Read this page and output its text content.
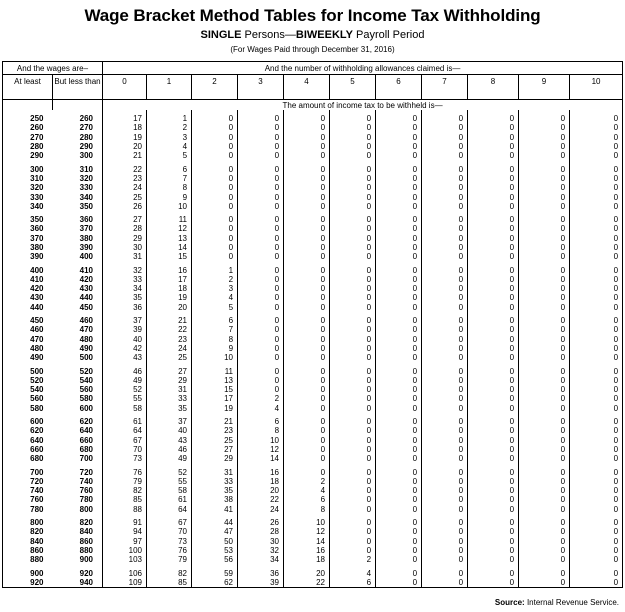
Wage Bracket Method Tables for Income Tax Withholding
SINGLE Persons—BIWEEKLY Payroll Period
(For Wages Paid through December 31, 2016)
And the wages are–		And the number of withholding allowances claimed is—										
At least	But less than	0	1	2	3	4	5	6	7	8	9	10
		The amount of income tax to be withheld is—										
250	260	17	1	0	0	0	0	0	0	0	0	0
260	270	18	2	0	0	0	0	0	0	0	0	0
270	280	19	3	0	0	0	0	0	0	0	0	0
280	290	20	4	0	0	0	0	0	0	0	0	0
290	300	21	5	0	0	0	0	0	0	0	0	0
300	310	22	6	0	0	0	0	0	0	0	0	0
310	320	23	7	0	0	0	0	0	0	0	0	0
320	330	24	8	0	0	0	0	0	0	0	0	0
330	340	25	9	0	0	0	0	0	0	0	0	0
340	350	26	10	0	0	0	0	0	0	0	0	0
350	360	27	11	0	0	0	0	0	0	0	0	0
360	370	28	12	0	0	0	0	0	0	0	0	0
370	380	29	13	0	0	0	0	0	0	0	0	0
380	390	30	14	0	0	0	0	0	0	0	0	0
390	400	31	15	0	0	0	0	0	0	0	0	0
400	410	32	16	1	0	0	0	0	0	0	0	0
410	420	33	17	2	0	0	0	0	0	0	0	0
420	430	34	18	3	0	0	0	0	0	0	0	0
430	440	35	19	4	0	0	0	0	0	0	0	0
440	450	36	20	5	0	0	0	0	0	0	0	0
450	460	37	21	6	0	0	0	0	0	0	0	0
460	470	39	22	7	0	0	0	0	0	0	0	0
470	480	40	23	8	0	0	0	0	0	0	0	0
480	490	42	24	9	0	0	0	0	0	0	0	0
490	500	43	25	10	0	0	0	0	0	0	0	0
500	520	46	27	11	0	0	0	0	0	0	0	0
520	540	49	29	13	0	0	0	0	0	0	0	0
540	560	52	31	15	0	0	0	0	0	0	0	0
560	580	55	33	17	2	0	0	0	0	0	0	0
580	600	58	35	19	4	0	0	0	0	0	0	0
600	620	61	37	21	6	0	0	0	0	0	0	0
620	640	64	40	23	8	0	0	0	0	0	0	0
640	660	67	43	25	10	0	0	0	0	0	0	0
660	680	70	46	27	12	0	0	0	0	0	0	0
680	700	73	49	29	14	0	0	0	0	0	0	0
700	720	76	52	31	16	0	0	0	0	0	0	0
720	740	79	55	33	18	2	0	0	0	0	0	0
740	760	82	58	35	20	4	0	0	0	0	0	0
760	780	85	61	38	22	6	0	0	0	0	0	0
780	800	88	64	41	24	8	0	0	0	0	0	0
800	820	91	67	44	26	10	0	0	0	0	0	0
820	840	94	70	47	28	12	0	0	0	0	0	0
840	860	97	73	50	30	14	0	0	0	0	0	0
860	880	100	76	53	32	16	0	0	0	0	0	0
880	900	103	79	56	34	18	2	0	0	0	0	0
900	920	106	82	59	36	20	4	0	0	0	0	0
920	940	109	85	62	39	22	6	0	0	0	0	0
Source: Internal Revenue Service.
